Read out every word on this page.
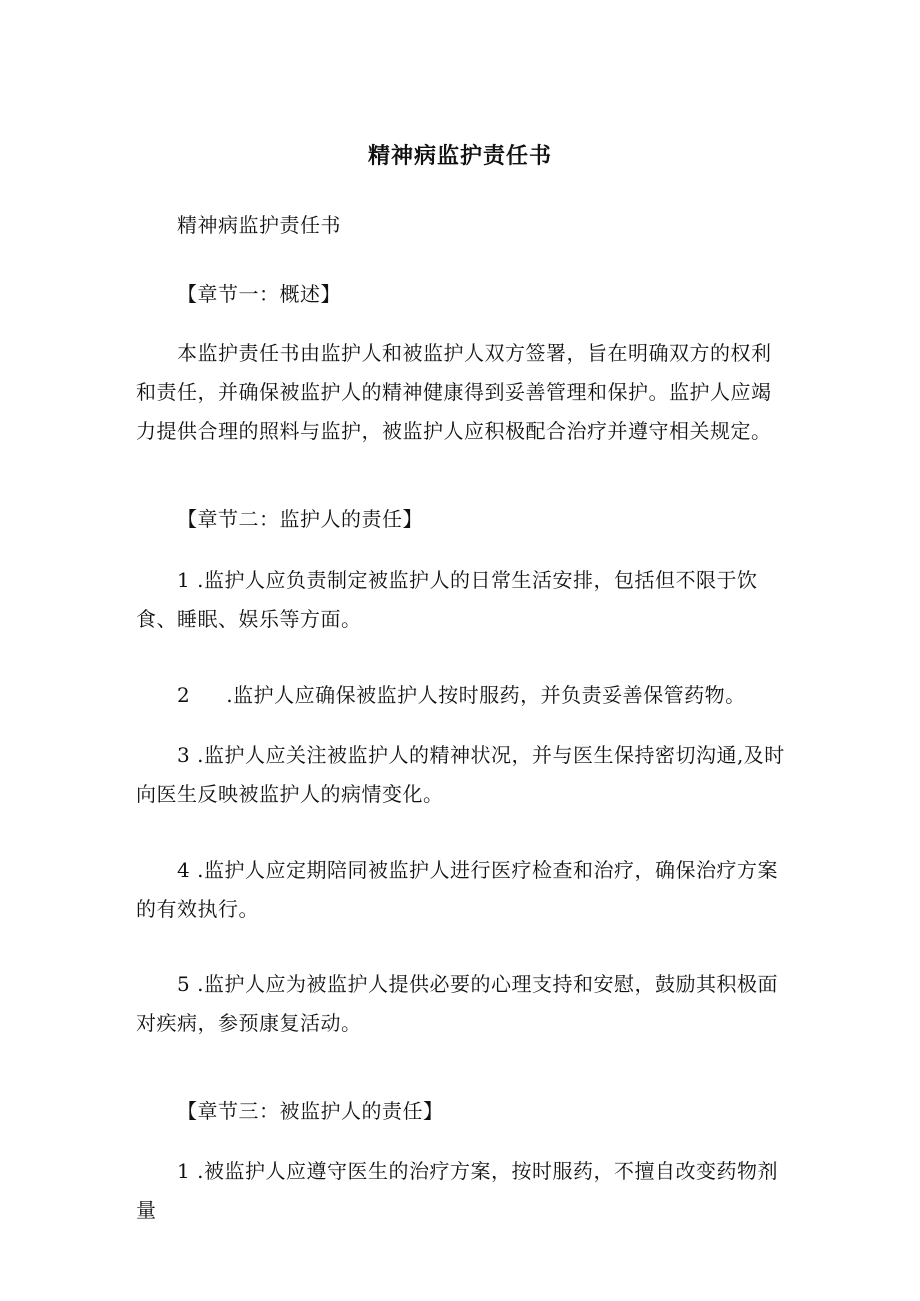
精神病监护责任书

精神病监护责任书

【章节一：概述】

本监护责任书由监护人和被监护人双方签署，旨在明确双方的权利和责任，并确保被监护人的精神健康得到妥善管理和保护。监护人应竭力提供合理的照料与监护，被监护人应积极配合治疗并遵守相关规定。

【章节二：监护人的责任】

1 .监护人应负责制定被监护人的日常生活安排，包括但不限于饮食、睡眠、娱乐等方面。

2 .监护人应确保被监护人按时服药，并负责妥善保管药物。

3 .监护人应关注被监护人的精神状况，并与医生保持密切沟通,及时向医生反映被监护人的病情变化。

4 .监护人应定期陪同被监护人进行医疗检查和治疗，确保治疗方案的有效执行。

5 .监护人应为被监护人提供必要的心理支持和安慰，鼓励其积极面对疾病，参预康复活动。

【章节三：被监护人的责任】

1 .被监护人应遵守医生的治疗方案，按时服药，不擅自改变药物剂量
